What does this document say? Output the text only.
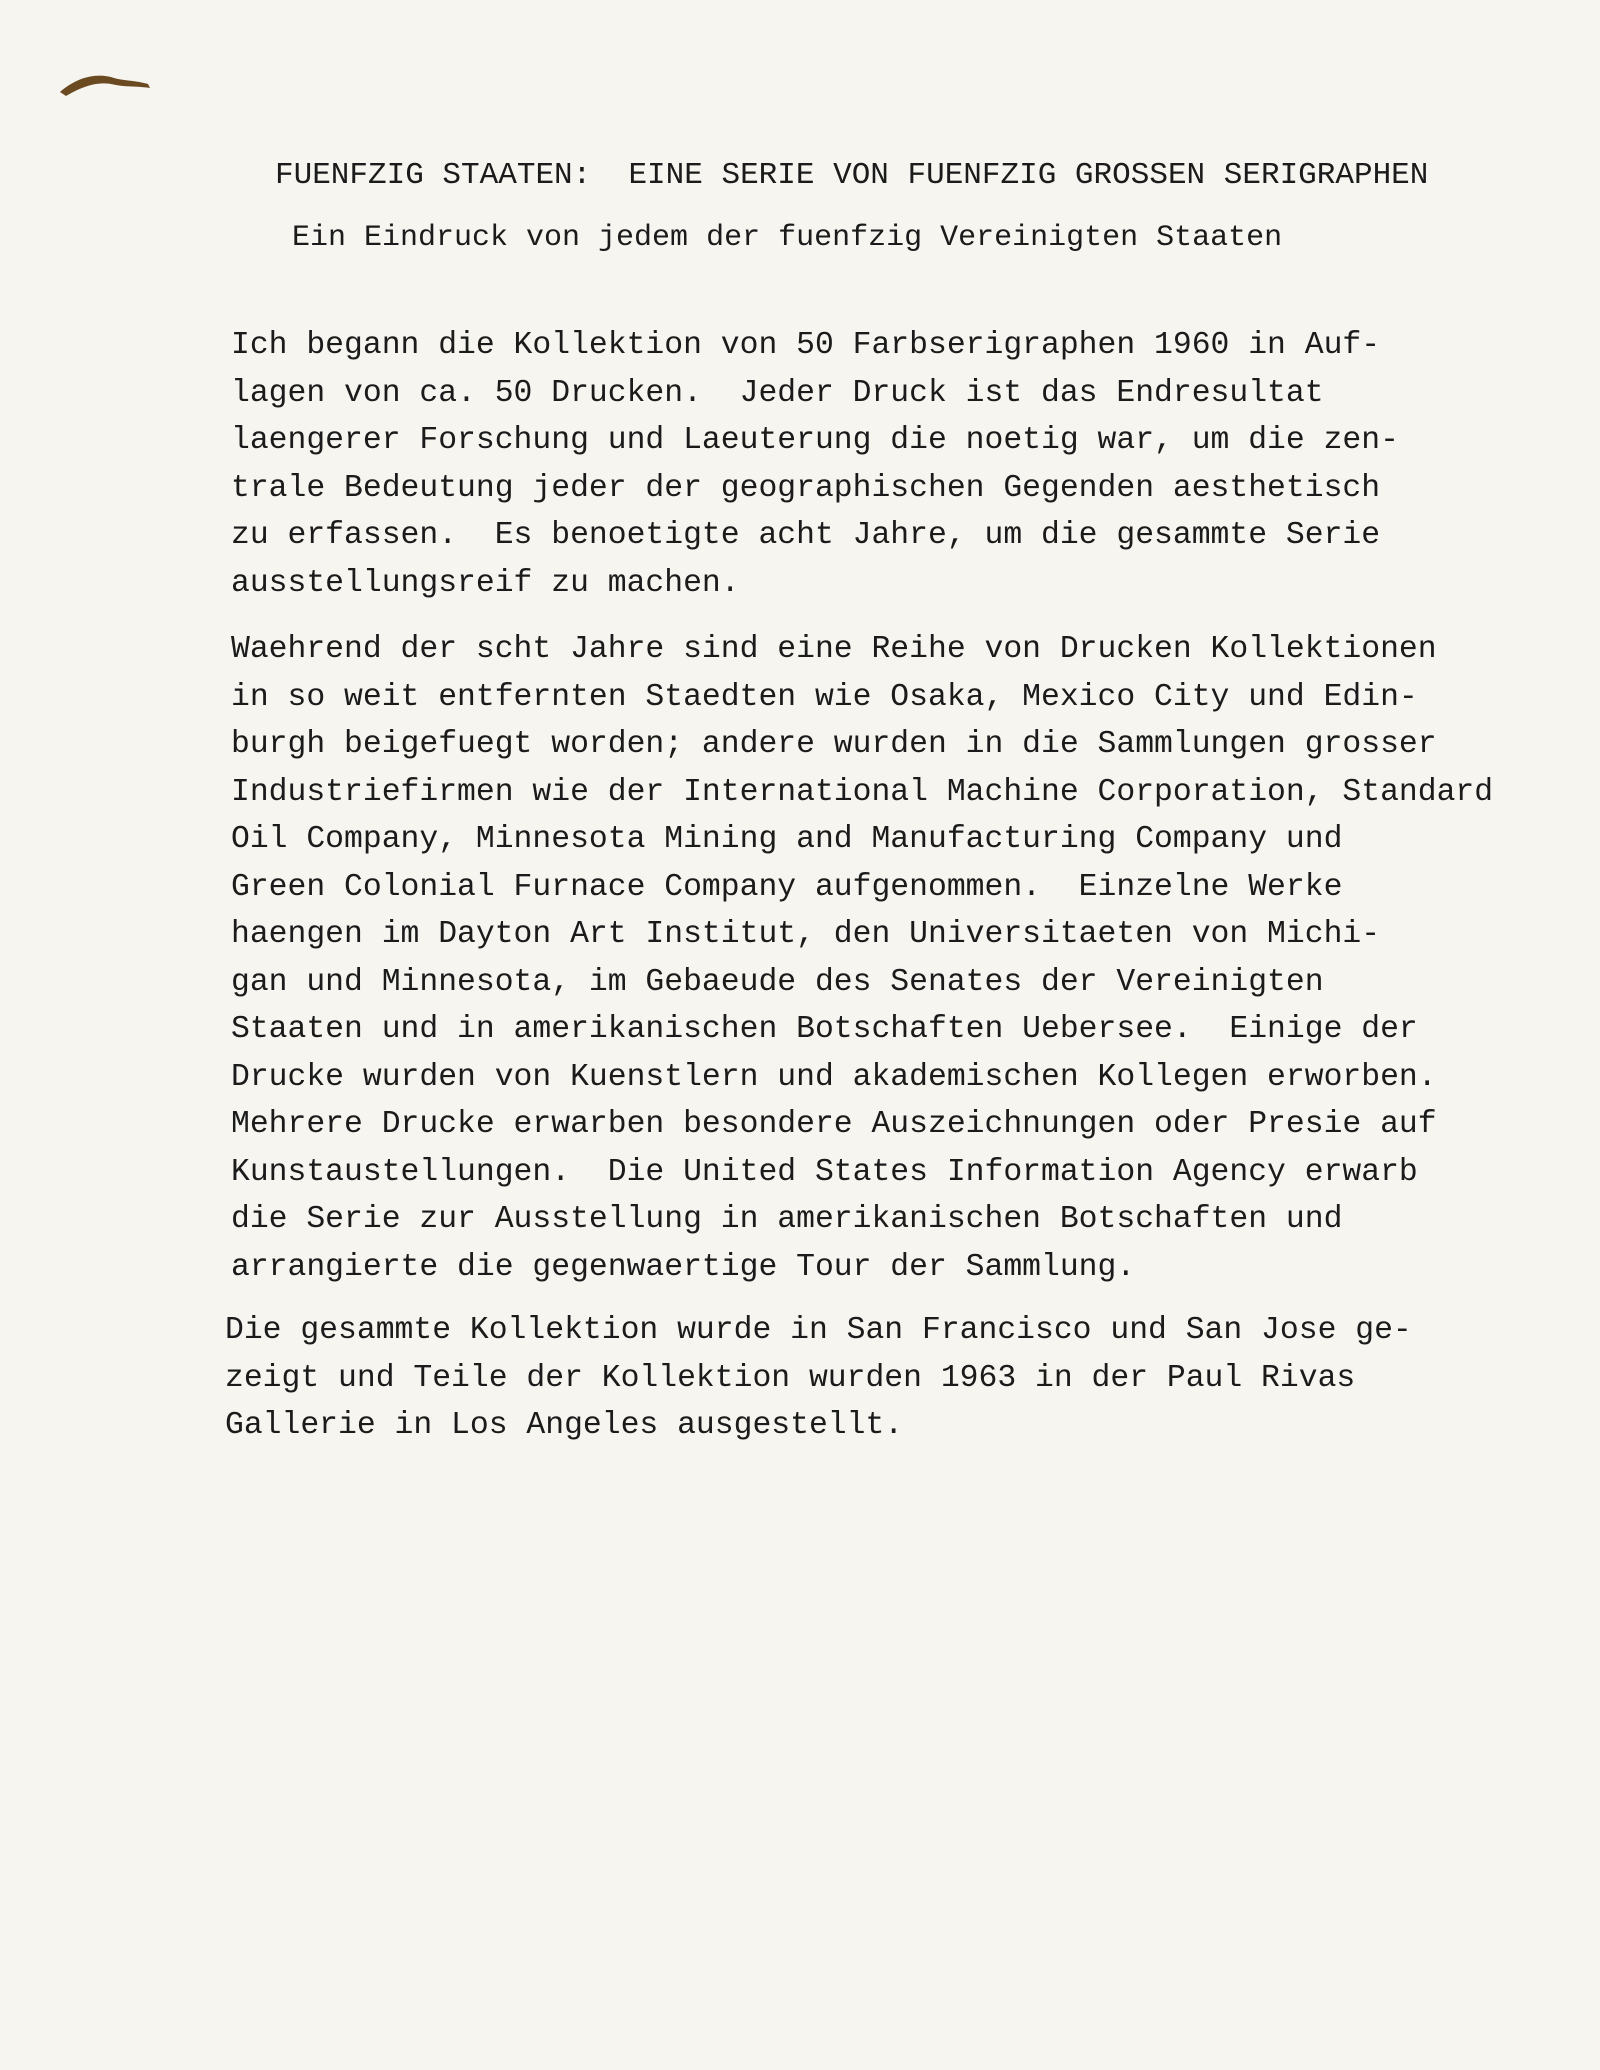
FUENFZIG STAATEN:  EINE SERIE VON FUENFZIG GROSSEN SERIGRAPHEN
Ein Eindruck von jedem der fuenfzig Vereinigten Staaten
Ich begann die Kollektion von 50 Farbserigraphen 1960 in Auf-
lagen von ca. 50 Drucken.  Jeder Druck ist das Endresultat
laengerer Forschung und Laeuterung die noetig war, um die zen-
trale Bedeutung jeder der geographischen Gegenden aesthetisch
zu erfassen.  Es benoetigte acht Jahre, um die gesammte Serie
ausstellungsreif zu machen.
Waehrend der scht Jahre sind eine Reihe von Drucken Kollektionen
in so weit entfernten Staedten wie Osaka, Mexico City und Edin-
burgh beigefuegt worden; andere wurden in die Sammlungen grosser
Industriefirmen wie der International Machine Corporation, Standard
Oil Company, Minnesota Mining and Manufacturing Company und
Green Colonial Furnace Company aufgenommen.  Einzelne Werke
haengen im Dayton Art Institut, den Universitaeten von Michi-
gan und Minnesota, im Gebaeude des Senates der Vereinigten
Staaten und in amerikanischen Botschaften Uebersee.  Einige der
Drucke wurden von Kuenstlern und akademischen Kollegen erworben.
Mehrere Drucke erwarben besondere Auszeichnungen oder Presie auf
Kunstaustellungen.  Die United States Information Agency erwarb
die Serie zur Ausstellung in amerikanischen Botschaften und
arrangierte die gegenwaertige Tour der Sammlung.
Die gesammte Kollektion wurde in San Francisco und San Jose ge-
zeigt und Teile der Kollektion wurden 1963 in der Paul Rivas
Gallerie in Los Angeles ausgestellt.
